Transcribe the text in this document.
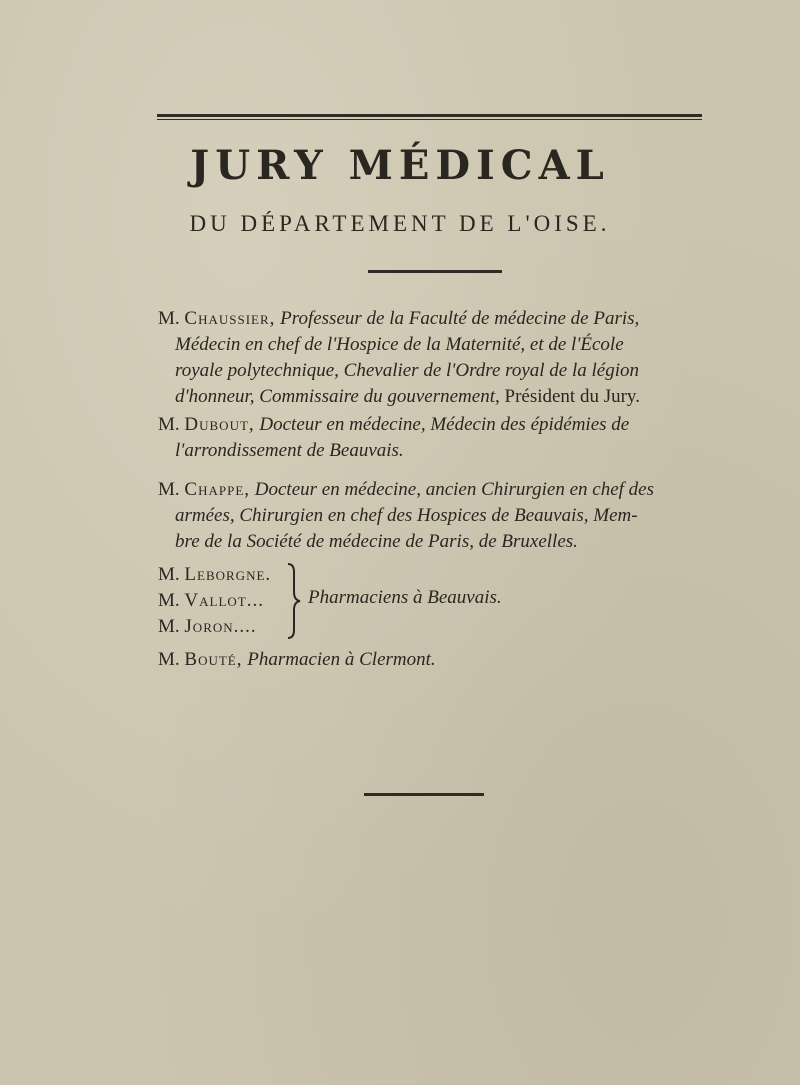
JURY MÉDICAL
DU DÉPARTEMENT DE L'OISE.
M. Chaussier, Professeur de la Faculté de médecine de Paris,
Médecin en chef de l'Hospice de la Maternité, et de l'École
royale polytechnique, Chevalier de l'Ordre royal de la légion
d'honneur, Commissaire du gouvernement, Président du Jury.
M. Dubout, Docteur en médecine, Médecin des épidémies de
l'arrondissement de Beauvais.
M. Chappe, Docteur en médecine, ancien Chirurgien en chef des
armées, Chirurgien en chef des Hospices de Beauvais, Mem-
bre de la Société de médecine de Paris, de Bruxelles.
M. Leborgne.
M. Vallot...
M. Joron....
Pharmaciens à Beauvais.
M. Bouté, Pharmacien à Clermont.
